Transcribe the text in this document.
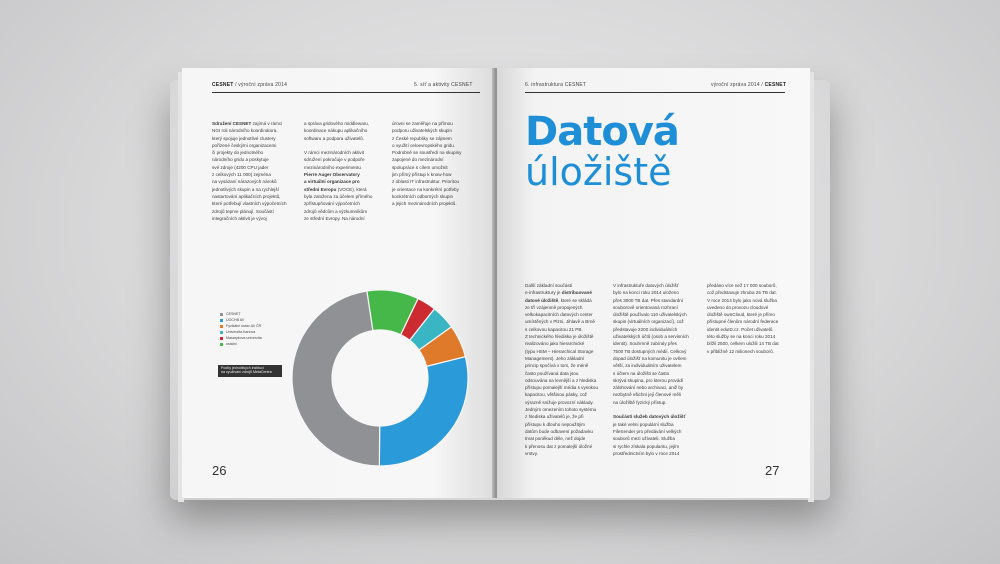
CESNET / výroční zpráva 2014	5. síť a aktivity CESNET

Sdružení CESNET zajímá v rámci
NGI roli národního koordinátora,
který spojuje jednotlivé clustery
pořízené českými organizacemi
či projekty do jednotného
národního gridu a poskytuje
své zdroje (4200 CPU jader
z celkových 11 000) zejména
na vysázaní nárazových nároků
jednotlivých skupin a na rychlejší
nastartování aplikačních projektů,
které potřebují vlastních výpočetních
zdrojů teprve plánují. Součástí
integračních aktivit je vývoj

a správa gridového middlewaru,
koordinace nákupu aplikačního
softwaru a podpora uživatelů.

V rámci mezinárodních aktivit
sdružení pokračuje v podpoře
mezinárodního experimentu
Pierre Auger Observatory
a virtuální organizace pro
střední Evropu (VOCE), která
byla založena za účelem přímého
zpřístupňování výpočetních
zdrojů vědcům a výzkumníkům
ze střední Evropy. Na národní

úrovni se zaměřuje na přímou
podporu uživatelských skupin
z České republiky se zájmem
o využití celoevropského gridu.
Podrobně se soustředí na skupiny
zapojené do mezinárodní
spolupráce s cílem umožnit
jim přímý přístup k know-how
z oblasti IT infrastruktur. Prioritou
je orientace na konkrétní potřeby
konkrétních odborných skupin
a jejich mezinárodních projektů.

Podíly jednotlivých institucí
na využívání zdrojů MetaCentra
CESNET
ÚOCHB AV
Fyzikální ústav AV ČR
Univerzita Karlova
Masarykova univerzita
ostatní
26
6. infrastruktura CESNET	výroční zpráva 2014 / CESNET
Datová
úložiště

Další základní součástí
e-infrastruktury je distribuované
datové úložiště, které se skládá
ze tří vzájemně propojených
velkokapacitních datových center
umístěných v Plzni, Jihlavě a Brně
s celkovou kapacitou 21 PB.
Z technického hlediska je úložiště
realizováno jako hierarchické
(typu HSM – Hierarchical Storage
Management). Jeho základní
princip spočívá v tom, že méně
často používaná data jsou
odsouvána na levnější a z hlediska
přístupu pomalejší média s vysokou
kapacitou, většinou pásky, což
výrazně snižuje provozní náklady.
Jedným omezením tohoto systému
z hlediska uživatelů je, že při
přístupu k dlouho nepoužitým
datům bude odbavení požadavku
trvat poněkud déle, než dojde
k přenosu dat z pomalejší úložné
vrstvy.

V infrastruktuře datových úložišť
bylo na konci roku 2014 uloženo
přes 3000 TB dat. Přes standardní
souborově orientovaná rozhraní
úložiště používalo 110 uživatelských
skupin (virtuálních organizací), což
představuje 2200 individuálních
uživatelských účtů (osob a servisních
identit). Souhrnně zabíraly přes
7500 TB dostupných médií. Celkový
dopad úložišť na komunitu je ovšem
větší, za individuálním uživatelem
s účtem na úložišti se často
skrývá skupina, pro kterou provádí
zálohování nebo archivaci, aniž by
nezbytně všichni její členové měli
na úložiště fyzický přístup.

Součástí služeb datových úložišť
je také velmi populární služba
FileSender pro předávání velkých
souborů mezi uživateli. Služba
si rychle získala popularitu, jejím
prostřednictvím bylo v roce 2014

předáno více než 17 000 souborů,
což představuje zhruba 25 TB dat.
V roce 2014 bylo jako nová služba
uvedeno do provozu cloudové
úložiště ownCloud, které je přímo
přístupné členům národní federace
identit eduID.cz. Počet uživatelů
této služby se na konci roku 2014
blížil 2500, celkem uložili 14 TB dat
v přibližně 12 milionech souborů.

27
